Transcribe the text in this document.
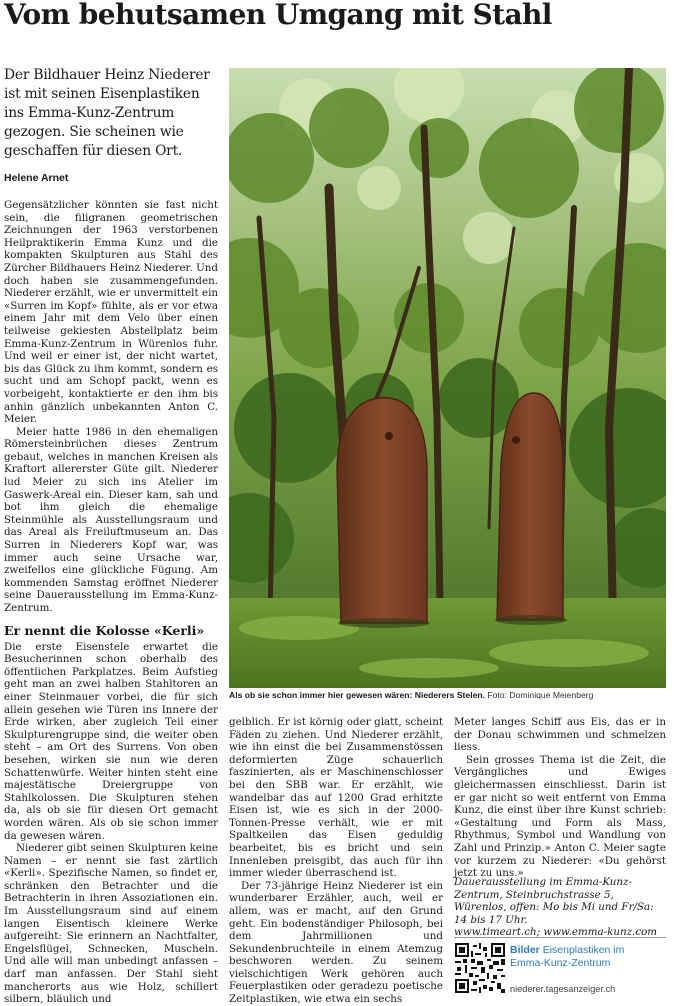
Vom behutsamen Umgang mit Stahl
Der Bildhauer Heinz Niederer ist mit seinen Eisenplastiken ins Emma-Kunz-Zentrum gezogen. Sie scheinen wie geschaffen für diesen Ort.
Helene Arnet

Gegensätzlicher könnten sie fast nicht sein, die filigranen geometrischen Zeichnungen der 1963 verstorbenen Heilpraktikerin Emma Kunz und die kompakten Skulpturen aus Stahl des Zürcher Bildhauers Heinz Niederer. Und doch haben sie zusammengefunden. Niederer erzählt, wie er unvermittelt ein «Surren im Kopf» fühlte, als er vor etwa einem Jahr mit dem Velo über einen teilweise gekiesten Abstellplatz beim Emma-Kunz-Zentrum in Würenlos fuhr. Und weil er einer ist, der nicht wartet, bis das Glück zu ihm kommt, sondern es sucht und am Schopf packt, wenn es vorbeigeht, kontaktierte er den ihm bis anhin gänzlich unbekannten Anton C. Meier.

Meier hatte 1986 in den ehemaligen Römersteinbrüchen dieses Zentrum gebaut, welches in manchen Kreisen als Kraftort allererster Güte gilt. Niederer lud Meier zu sich ins Atelier im Gaswerk-Areal ein. Dieser kam, sah und bot ihm gleich die ehemalige Steinmühle als Ausstellungsraum und das Areal als Freiluftmuseum an. Das Surren in Niederers Kopf war, was immer auch seine Ursache war, zweifellos eine glückliche Fügung. Am kommenden Samstag eröffnet Niederer seine Dauerausstellung im Emma-Kunz-Zentrum.

Er nennt die Kolosse «Kerli»

Die erste Eisenstele erwartet die Besucherinnen schon oberhalb des öffentlichen Parkplatzes. Beim Aufstieg geht man an zwei halben Stahltoren an einer Steinmauer vorbei, die für sich allein gesehen wie Türen ins Innere der Erde wirken, aber zugleich Teil einer Skulpturengruppe sind, die weiter oben steht – am Ort des Surrens. Von oben besehen, wirken sie nun wie deren Schattenwürfe. Weiter hinten steht eine majestätische Dreiergruppe von Stahlkolossen. Die Skulpturen stehen da, als ob sie für diesen Ort gemacht worden wären. Als ob sie schon immer da gewesen wären.

Niederer gibt seinen Skulpturen keine Namen – er nennt sie fast zärtlich «Kerli». Spezifische Namen, so findet er, schränken den Betrachter und die Betrachterin in ihren Assoziationen ein. Im Ausstellungsraum sind auf einem langen Eisentisch kleinere Werke aufgereiht: Sie erinnern an Nachtfalter, Engelsflügel, Schnecken, Muscheln. Und alle will man unbedingt anfassen – darf man anfassen. Der Stahl sieht mancherorts aus wie Holz, schillert silbern, bläulich und

Als ob sie schon immer hier gewesen wären: Niederers Stelen. Foto: Dominique Meienberg

gelblich. Er ist körnig oder glatt, scheint Fäden zu ziehen. Und Niederer erzählt, wie ihn einst die bei Zusammenstössen deformierten Züge schauerlich faszinierten, als er Maschinenschlosser bei den SBB war. Er erzählt, wie wandelbar das auf 1200 Grad erhitzte Eisen ist, wie es sich in der 2000-Tonnen-Presse verhält, wie er mit Spaltkeilen das Eisen geduldig bearbeitet, bis es bricht und sein Innenleben preisgibt, das auch für ihn immer wieder überraschend ist.

Der 73-jährige Heinz Niederer ist ein wunderbarer Erzähler, auch, weil er allem, was er macht, auf den Grund geht. Ein bodenständiger Philosoph, bei dem Jahrmillionen und Sekundenbruchteile in einem Atemzug beschworen werden. Zu seinem vielschichtigen Werk gehören auch Feuerplastiken oder geradezu poetische Zeitplastiken, wie etwa ein sechs

Meter langes Schiff aus Eis, das er in der Donau schwimmen und schmelzen liess.

Sein grosses Thema ist die Zeit, die Vergängliches und Ewiges gleichermassen einschliesst. Darin ist er gar nicht so weit entfernt von Emma Kunz, die einst über ihre Kunst schrieb: «Gestaltung und Form als Mass, Rhythmus, Symbol und Wandlung von Zahl und Prinzip.» Anton C. Meier sagte vor kurzem zu Niederer: «Du gehörst jetzt zu uns.»

Dauerausstellung im Emma-Kunz-Zentrum, Steinbruchstrasse 5, Würenlos, offen: Mo bis Mi und Fr/Sa: 14 bis 17 Uhr.
www.timeart.ch; www.emma-kunz.com
Bilder Eisenplastiken im Emma-Kunz-Zentrum
niederer.tagesanzeiger.ch
